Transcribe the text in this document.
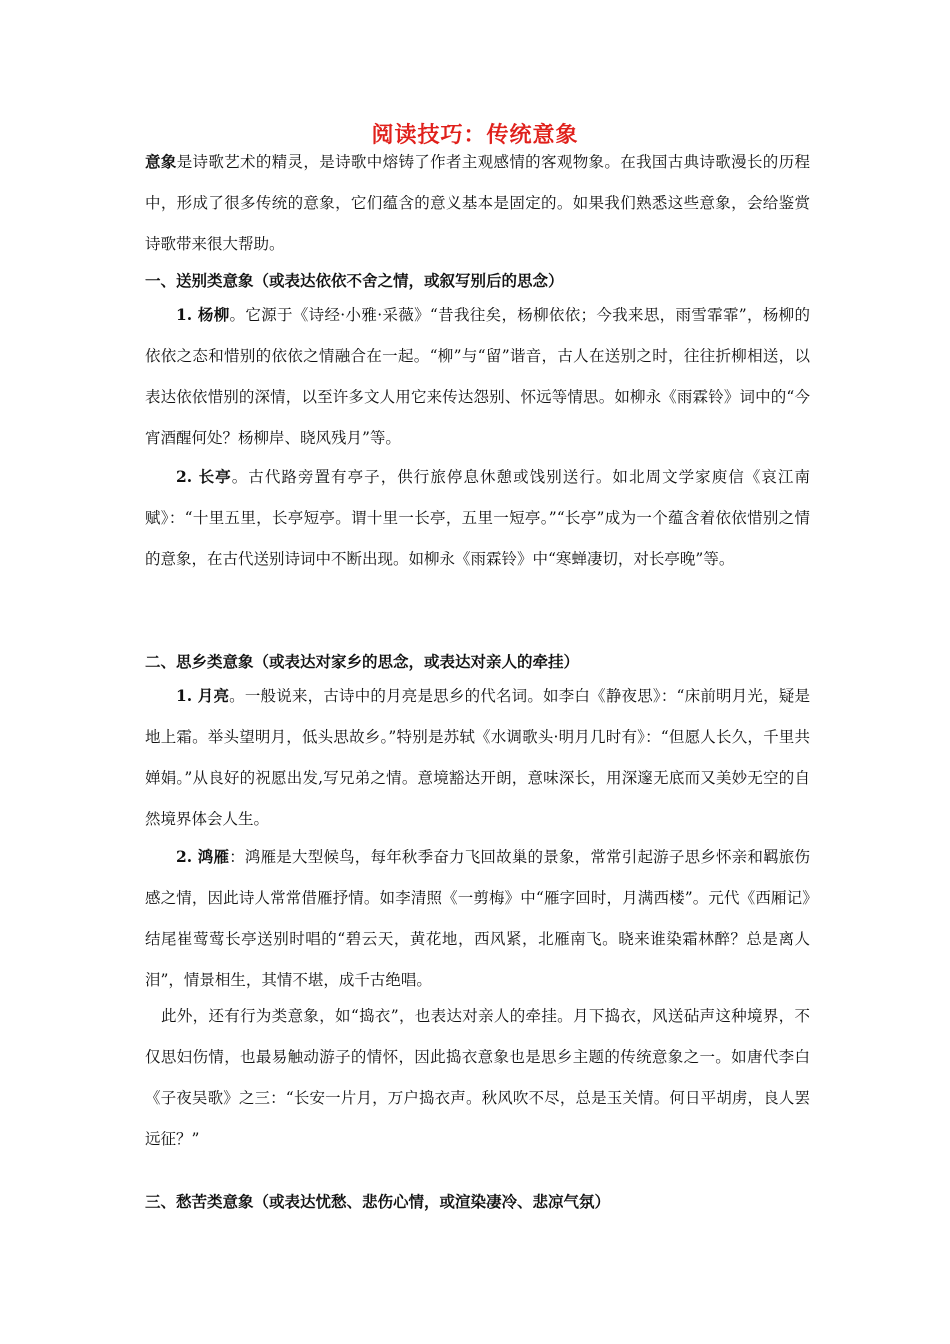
阅读技巧：传统意象

意象是诗歌艺术的精灵，是诗歌中熔铸了作者主观感情的客观物象。在我国古典诗歌漫长的历程中，形成了很多传统的意象，它们蕴含的意义基本是固定的。如果我们熟悉这些意象，会给鉴赏诗歌带来很大帮助。

一、送别类意象（或表达依依不舍之情，或叙写别后的思念）

1. 杨柳。它源于《诗经·小雅·采薇》“昔我往矣，杨柳依依；今我来思，雨雪霏霏”，杨柳的依依之态和惜别的依依之情融合在一起。“柳”与“留”谐音，古人在送别之时，往往折柳相送，以表达依依惜别的深情，以至许多文人用它来传达怨别、怀远等情思。如柳永《雨霖铃》词中的“今宵酒醒何处？杨柳岸、晓风残月”等。

2. 长亭。古代路旁置有亭子，供行旅停息休憩或饯别送行。如北周文学家庾信《哀江南赋》：“十里五里，长亭短亭。谓十里一长亭，五里一短亭。”“长亭”成为一个蕴含着依依惜别之情的意象，在古代送别诗词中不断出现。如柳永《雨霖铃》中“寒蝉凄切，对长亭晚”等。

二、思乡类意象（或表达对家乡的思念，或表达对亲人的牵挂）

1. 月亮。一般说来，古诗中的月亮是思乡的代名词。如李白《静夜思》：“床前明月光，疑是地上霜。举头望明月，低头思故乡。”特别是苏轼《水调歌头·明月几时有》：“但愿人长久，千里共婵娟。”从良好的祝愿出发,写兄弟之情。意境豁达开朗，意味深长，用深邃无底而又美妙无空的自然境界体会人生。

2. 鸿雁：鸿雁是大型候鸟，每年秋季奋力飞回故巢的景象，常常引起游子思乡怀亲和羁旅伤感之情，因此诗人常常借雁抒情。如李清照《一剪梅》中“雁字回时，月满西楼”。元代《西厢记》结尾崔莺莺长亭送别时唱的“碧云天，黄花地，西风紧，北雁南飞。晓来谁染霜林醉？总是离人泪”，情景相生，其情不堪，成千古绝唱。

此外，还有行为类意象，如“捣衣”，也表达对亲人的牵挂。月下捣衣，风送砧声这种境界，不仅思妇伤情，也最易触动游子的情怀，因此捣衣意象也是思乡主题的传统意象之一。如唐代李白《子夜吴歌》之三：“长安一片月，万户捣衣声。秋风吹不尽，总是玉关情。何日平胡虏，良人罢远征？”

三、愁苦类意象（或表达忧愁、悲伤心情，或渲染凄冷、悲凉气氛）
